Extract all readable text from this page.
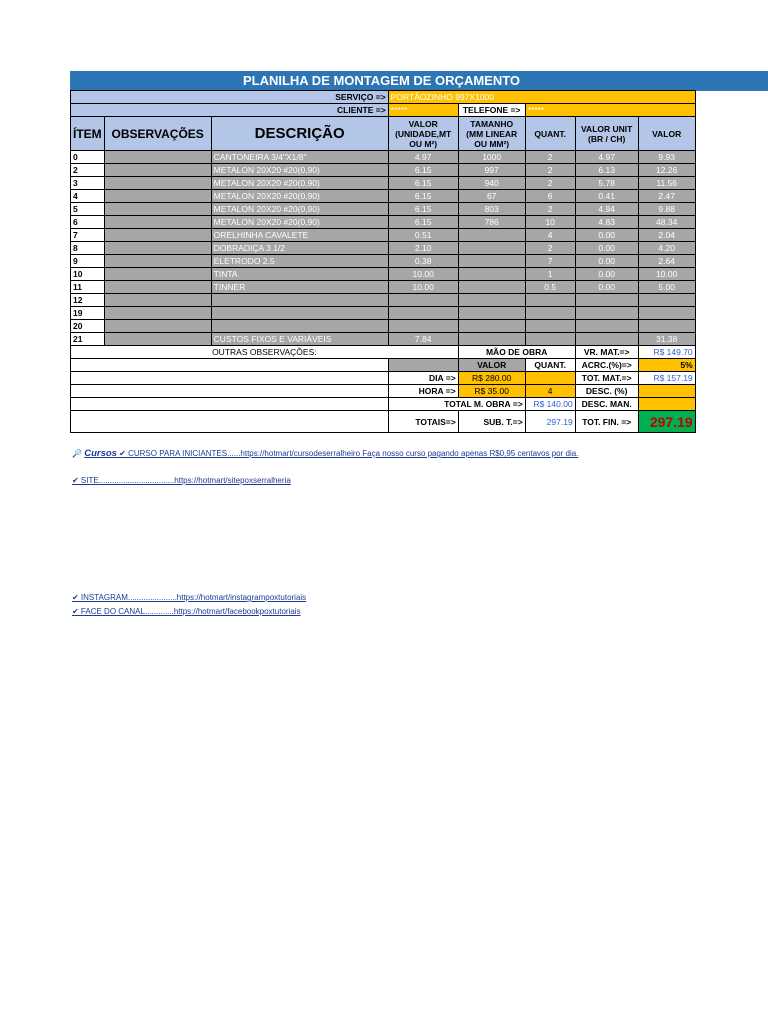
PLANILHA DE MONTAGEM DE ORÇAMENTO
SERVIÇO =>			PORTÃOZINHO 997X1000				
CLIENTE =>			*****	TELEFONE =>	*****		
ÍTEM	OBSERVAÇÕES	DESCRIÇÃO	VALOR (UNIDADE,MT OU M²)	TAMANHO (MM LINEAR OU MM²)	QUANT.	VALOR UNIT (BR / CH)	VALOR
0		CANTONEIRA 3/4"X1/8"	4.97	1000	2	4.97	9.93
2		METALON 20X20 #20(0,90)	6.15	997	2	6.13	12.26
3		METALON 20X20 #20(0,90)	6.15	940	2	5.78	11.56
4		METALON 20X20 #20(0,90)	6.15	67	6	0.41	2.47
5		METALON 20X20 #20(0,90)	6.15	803	2	4.94	9.88
6		METALON 20X20 #20(0,90)	6.15	786	10	4.83	48.34
7		ORELHINHA CAVALETE	0.51		4	0.00	2.04
8		DOBRADIÇA 3.1/2	2.10		2	0.00	4.20
9		ELETRODO 2.5	0.38		7	0.00	2.64
10		TINTA	10.00		1	0.00	10.00
11		TINNER	10.00		0.5	0.00	5.00
12							
19							
20							
21		CUSTOS FIXOS E VARIÁVEIS	7.84				31.38
OUTRAS OBSERVAÇÕES:				MÃO DE OBRA		VR. MAT.=>	R$ 149.70
				VALOR	QUANT.	ACRC.(%)=>	5%
			DIA =>	R$ 280.00		TOT. MAT.=>	R$ 157.19
			HORA =>	R$ 35.00	4	DESC. (%)	
			TOTAL M. OBRA =>		R$ 140.00	DESC. MAN.	
			TOTAIS=>	SUB. T.=>	297.19	TOT. FIN. =>	297.19
🔎 Cursos ✔ CURSO PARA INICIANTES......https://hotmart/cursodeserralheiro Faça nosso curso pagando apenas R$0,95 centavos por dia.
✔ SITE..................................https://hotmart/sitepoxserralheria
✔ INSTAGRAM......................https://hotmart/instagrampoxtutoriais
✔ FACE DO CANAL.............https://hotmart/facebookpoxtutoriais
